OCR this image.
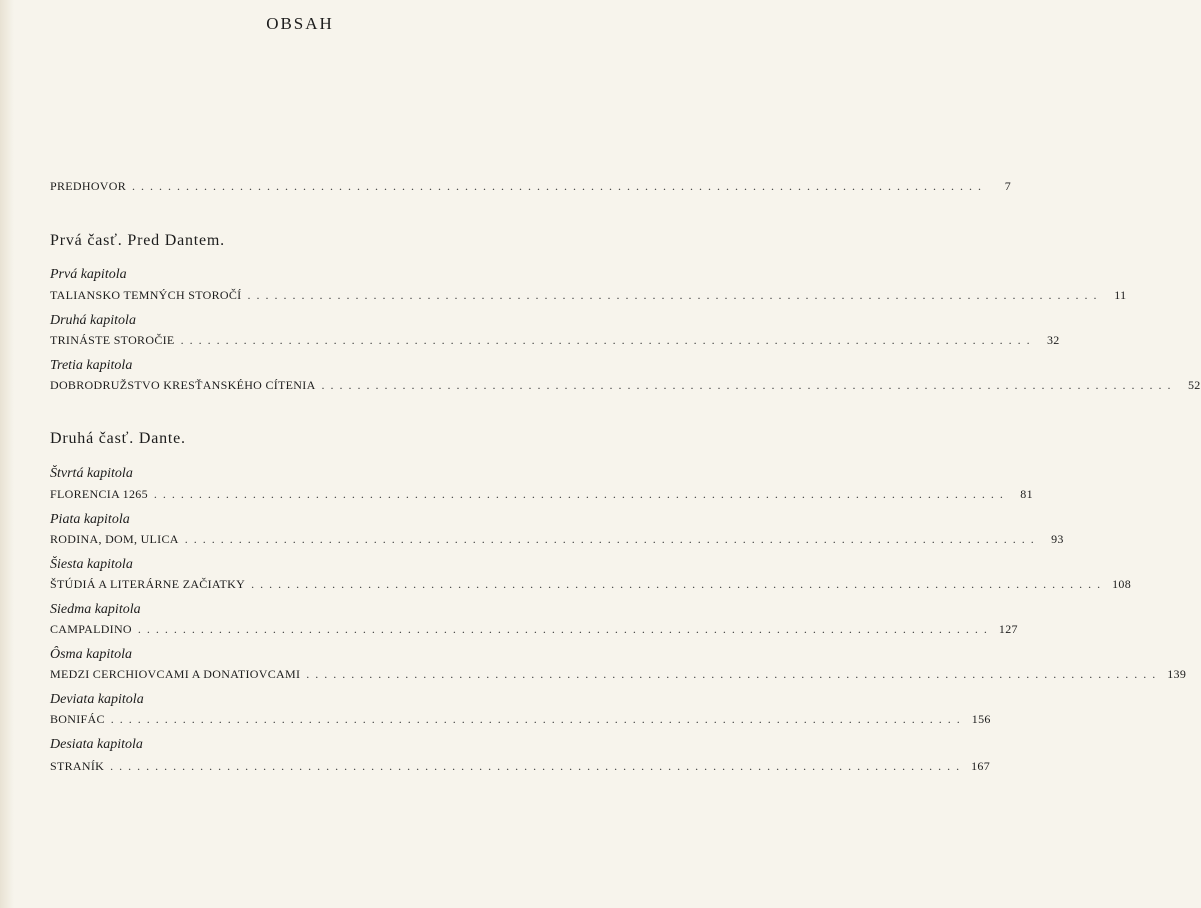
OBSAH
PREDHOVOR ...............................................................................................	7
Prvá časť. Pred Dantem.
Prvá kapitola
TALIANSKO TEMNÝCH STOROČÍ ............................................................................................... 11
Druhá kapitola
TRINÁSTE STOROČIE ............................................................................................... 32
Tretia kapitola
DOBRODRUŽSTVO KRESŤANSKÉHO CÍTENIA ............................................................................................... 52
Druhá časť. Dante.
Štvrtá kapitola
FLORENCIA 1265 ............................................................................................... 81
Piata kapitola
RODINA, DOM, ULICA ............................................................................................... 93
Šiesta kapitola
ŠTÚDIÁ A LITERÁRNE ZAČIATKY ............................................................................................... 108
Siedma kapitola
CAMPALDINO ............................................................................................... 127
Ôsma kapitola
MEDZI CERCHIOVCAMI A DONATIOVCAMI ............................................................................................... 139
Deviata kapitola
BONIFÁC ............................................................................................... 156
Desiata kapitola
STRANÍK ............................................................................................... 167
